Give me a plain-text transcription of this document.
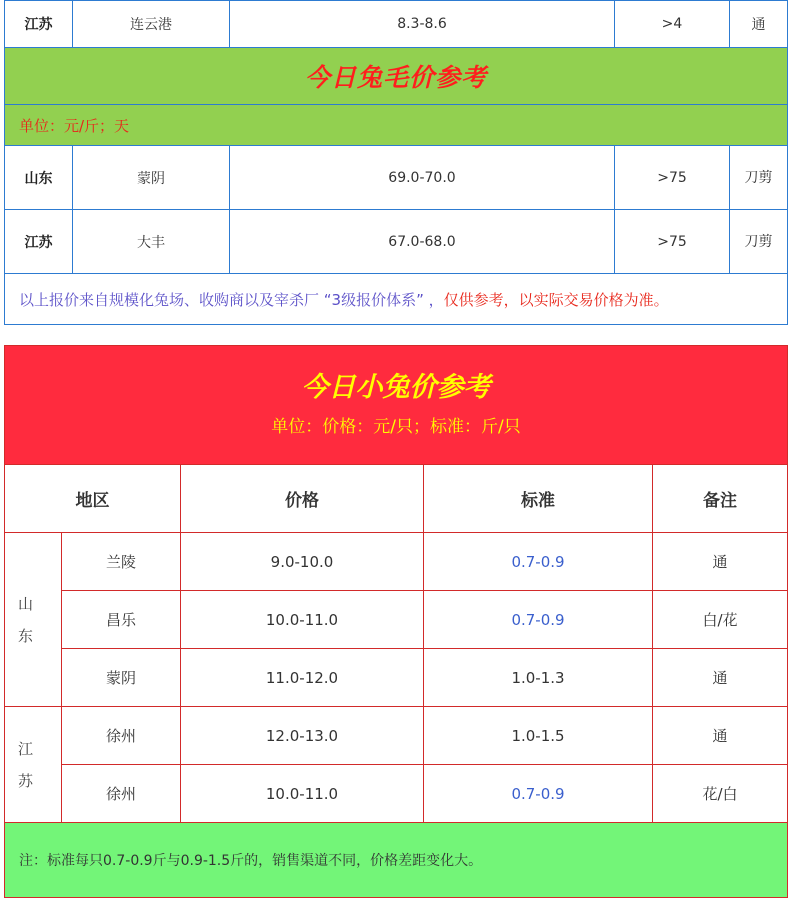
江苏	连云港	8.3-8.6	>4	通
今日兔毛价参考				
单位：元/斤；天				
山东	蒙阴	69.0-70.0	>75	刀剪
江苏	大丰	67.0-68.0	>75	刀剪
以上报价来自规模化兔场、收购商以及宰杀厂 “3级报价体系” ，仅供参考，以实际交易价格为准。				
今日小兔价参考
单位：价格：元/只；标准：斤/只				

地区		价格	标准	备注

山东	兰陵	9.0-10.0	0.7-0.9	通
	昌乐	10.0-11.0	0.7-0.9	白/花
	蒙阴	11.0-12.0	1.0-1.3	通

江苏	徐州	12.0-13.0	1.0-1.5	通
	徐州	10.0-11.0	0.7-0.9	花/白
注：标准每只0.7-0.9斤与0.9-1.5斤的，销售渠道不同，价格差距变化大。				
